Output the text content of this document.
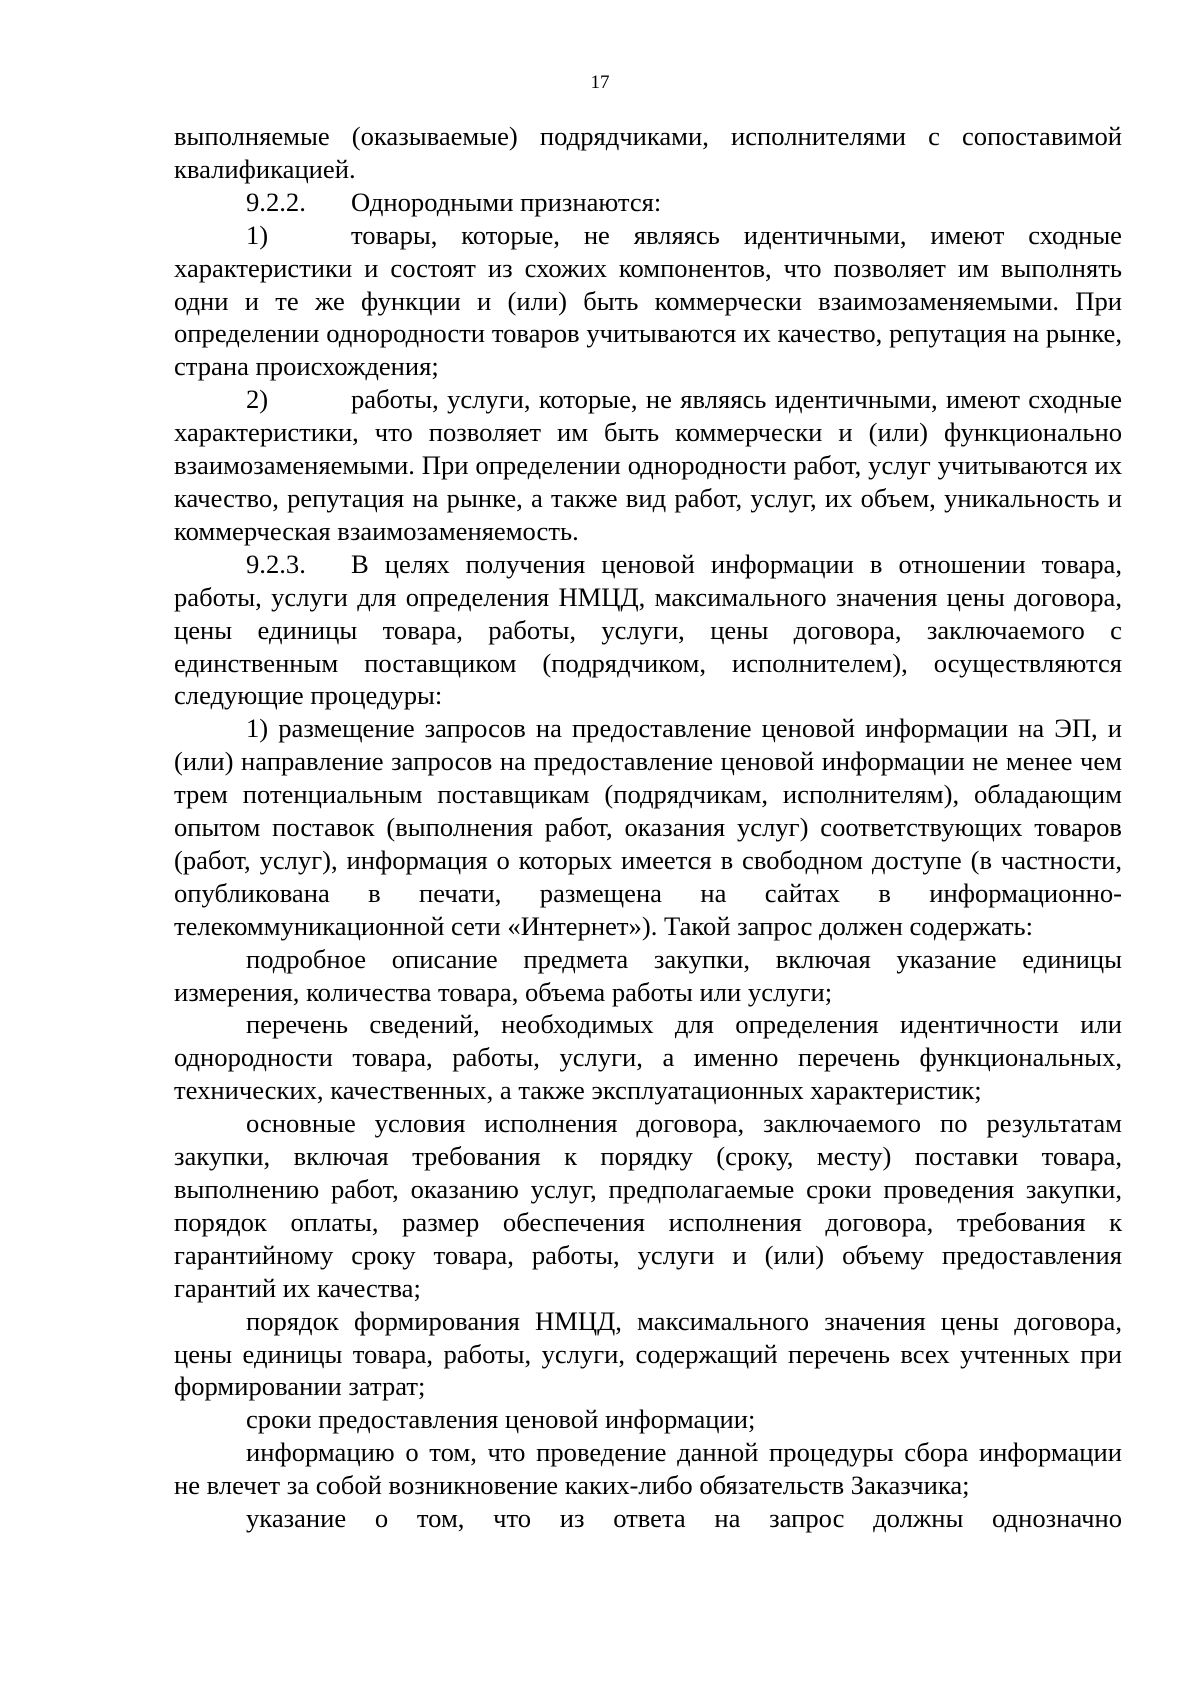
17

выполняемые (оказываемые) подрядчиками, исполнителями с сопоставимой квалификацией.

9.2.2. Однородными признаются:

1)	товары, которые, не являясь идентичными, имеют сходные характеристики и состоят из схожих компонентов, что позволяет им выполнять одни и те же функции и (или) быть коммерчески взаимозаменяемыми. При определении однородности товаров учитываются их качество, репутация на рынке, страна происхождения;

2)	работы, услуги, которые, не являясь идентичными, имеют сходные характеристики, что позволяет им быть коммерчески и (или) функционально взаимозаменяемыми. При определении однородности работ, услуг учитываются их качество, репутация на рынке, а также вид работ, услуг, их объем, уникальность и коммерческая взаимозаменяемость.

9.2.3. В целях получения ценовой информации в отношении товара, работы, услуги для определения НМЦД, максимального значения цены договора, цены единицы товара, работы, услуги, цены договора, заключаемого с единственным поставщиком (подрядчиком, исполнителем), осуществляются следующие процедуры:

1) размещение запросов на предоставление ценовой информации на ЭП, и (или) направление запросов на предоставление ценовой информации не менее чем трем потенциальным поставщикам (подрядчикам, исполнителям), обладающим опытом поставок (выполнения работ, оказания услуг) соответствующих товаров (работ, услуг), информация о которых имеется в свободном доступе (в частности, опубликована в печати, размещена на сайтах в информационно-телекоммуникационной сети «Интернет»). Такой запрос должен содержать:

подробное описание предмета закупки, включая указание единицы измерения, количества товара, объема работы или услуги;

перечень сведений, необходимых для определения идентичности или однородности товара, работы, услуги, а именно перечень функциональных, технических, качественных, а также эксплуатационных характеристик;

основные условия исполнения договора, заключаемого по результатам закупки, включая требования к порядку (сроку, месту) поставки товара, выполнению работ, оказанию услуг, предполагаемые сроки проведения закупки, порядок оплаты, размер обеспечения исполнения договора, требования к гарантийному сроку товара, работы, услуги и (или) объему предоставления гарантий их качества;

порядок формирования НМЦД, максимального значения цены договора, цены единицы товара, работы, услуги, содержащий перечень всех учтенных при формировании затрат;

сроки предоставления ценовой информации;

информацию о том, что проведение данной процедуры сбора информации не влечет за собой возникновение каких-либо обязательств Заказчика;

указание о том, что из ответа на запрос должны однозначно
